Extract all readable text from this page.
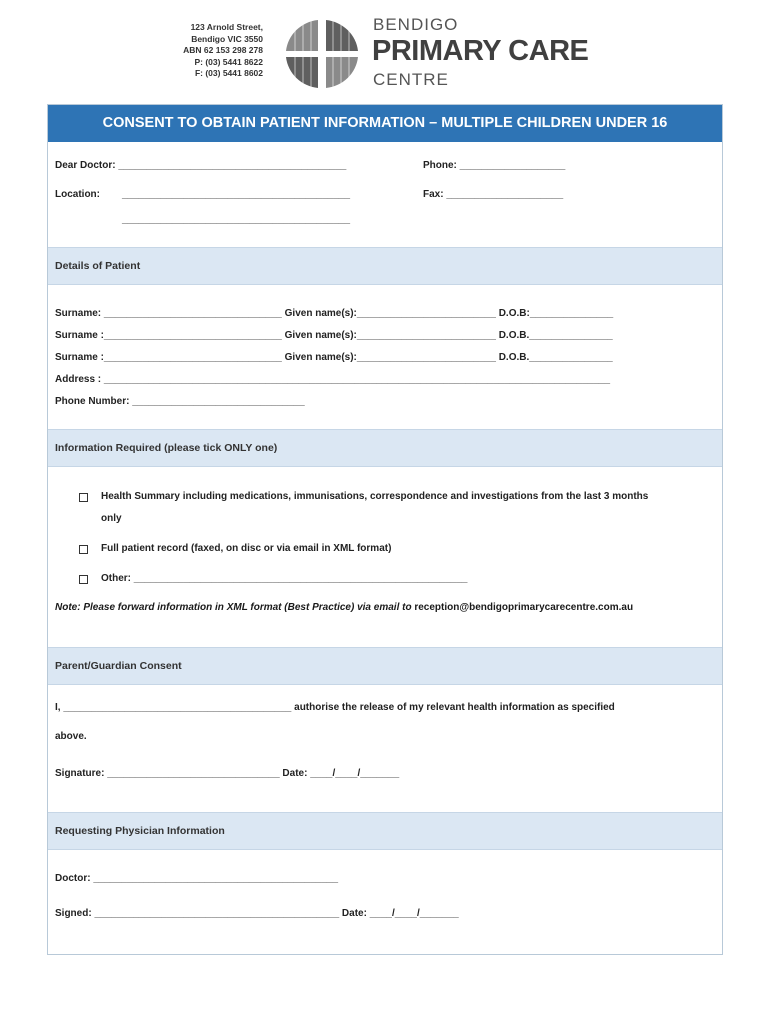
123 Arnold Street,
Bendigo VIC 3550
ABN 62 153 298 278
P: (03) 5441 8622
F: (03) 5441 8602
BENDIGO
PRIMARY CARE
CENTRE
CONSENT TO OBTAIN PATIENT INFORMATION – MULTIPLE CHILDREN UNDER 16
Dear Doctor: _________________________________________	Phone: ___________________
Location: _________________________________________	Fax: _____________________
_________________________________________
Details of Patient
Surname: ________________________________ Given name(s):_________________________ D.O.B:_______________
Surname :________________________________ Given name(s):_________________________ D.O.B._______________
Surname :________________________________ Given name(s):_________________________ D.O.B._______________
Address : ___________________________________________________________________________________________
Phone Number: _______________________________
Information Required (please tick ONLY one)
Health Summary including medications, immunisations, correspondence and investigations from the last 3 months
only
Full patient record (faxed, on disc or via email in XML format)
Other: ____________________________________________________________
Note: Please forward information in XML format (Best Practice) via email to reception@bendigoprimarycarecentre.com.au
Parent/Guardian Consent
I, _________________________________________ authorise the release of my relevant health information as specified
above.
Signature: _______________________________ Date: ____/____/_______
Requesting Physician Information
Doctor: ____________________________________________
Signed: ____________________________________________ Date: ____/____/_______
